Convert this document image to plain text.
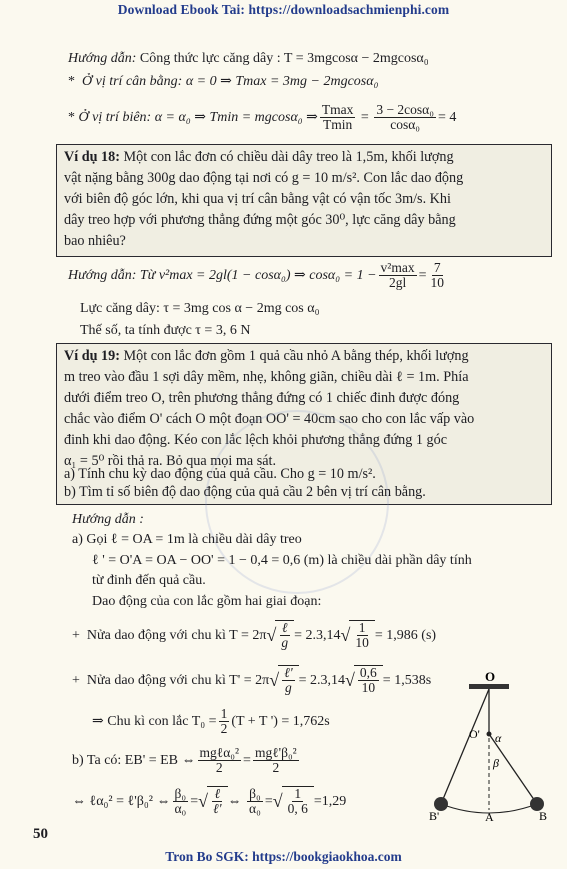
Download Ebook Tai: https://downloadsachmienphi.com
Hướng dẫn: Công thức lực căng dây : T = 3mgcosα − 2mgcosα₀
* Ở vị trí cân bằng: α = 0 ⇒ Tmax = 3mg − 2mgcosα₀
*
Ở vị trí biên: α = α₀ ⇒ Tmin = mgcosα₀ ⇒ $\frac{Tmax}{Tmin} = \frac{\text{3 − 2cosα₀}}{\text{cosα₀}} = 4$
Ví dụ 18: Một con lắc đơn có chiều dài dây treo là 1,5m, khối lượng
vật nặng bằng 300g dao động tại nơi có g = 10 m/s². Con lắc dao động
với biên độ góc lớn, khi qua vị trí cân bằng vật có vận tốc 3m/s. Khi
dây treo hợp với phương thẳng đứng một góc 30⁰, lực căng dây bằng
bao nhiêu?
Hướng dẫn:
Từ v²max = 2gl(1 − cosα₀) ⇒ $\cos\alpha_0 = 1 - \frac{\text{v²max}}{2gl} = \frac{7}{10}$
Lực căng dây: τ = 3mg cos α − 2mg cos α₀
Thế số, ta tính được τ = 3, 6 N
Ví dụ 19: Một con lắc đơn gồm 1 quả cầu nhỏ A bằng thép, khối lượng
m treo vào đầu 1 sợi dây mềm, nhẹ, không giãn, chiều dài ℓ = 1m. Phía
dưới điểm treo O, trên phương thẳng đứng có 1 chiếc đinh được đóng
chắc vào điểm O' cách O một đoạn OO' = 40cm sao cho con lắc vấp vào
đinh khi dao động. Kéo con lắc lệch khỏi phương thẳng đứng 1 góc
α₁ = 5⁰ rồi thả ra. Bỏ qua mọi ma sát.
a) Tính chu kỳ dao động của quả cầu. Cho g = 10 m/s².
b) Tìm tỉ số biên độ dao động của quả cầu 2 bên vị trí cân bằng.
Hướng dẫn :
a) Gọi ℓ = OA = 1m là chiều dài dây treo
ℓ ' = O'A = OA − OO' = 1 − 0,4 = 0,6 (m) là chiều dài phần dây tính
từ đinh đến quả cầu.
Dao động của con lắc gồm hai giai đoạn:
+
Nửa dao động với chu kì T = 2π √ $\frac{\text{ℓ}}{g} = 2.3,14$ √ $\frac{1}{10} = 1,986$ (s)
+
Nửa dao động với chu kì T' = 2π √ $\frac{\text{ℓ'}}{g} = 2.3,14$ √ $\frac{0,6}{10} = 1,538s$
⇒ Chu kì con lắc $T_0 = \frac{1}{2} (T + T$ ') = 1,762s
b) Ta có: EB' = EB ⇔ $\frac{\text{mgℓα₀²}}{2} = \frac{\text{mgℓ'β₀²}}{2}$
⇔ ℓα₀² = ℓ'β₀² ⇔ $\frac{\text{β₀}}{\text{α₀}}$ = √ $\frac{\text{ℓ}}{\text{ℓ'}}$ ⇔
$\frac{\text{β₀}}{\text{α₀}}$ = √ $\frac{1}{0, 6} =1,29$
O
O' α
β
A	B
B'
50
Tron Bo SGK: https://bookgiaokhoa.com
